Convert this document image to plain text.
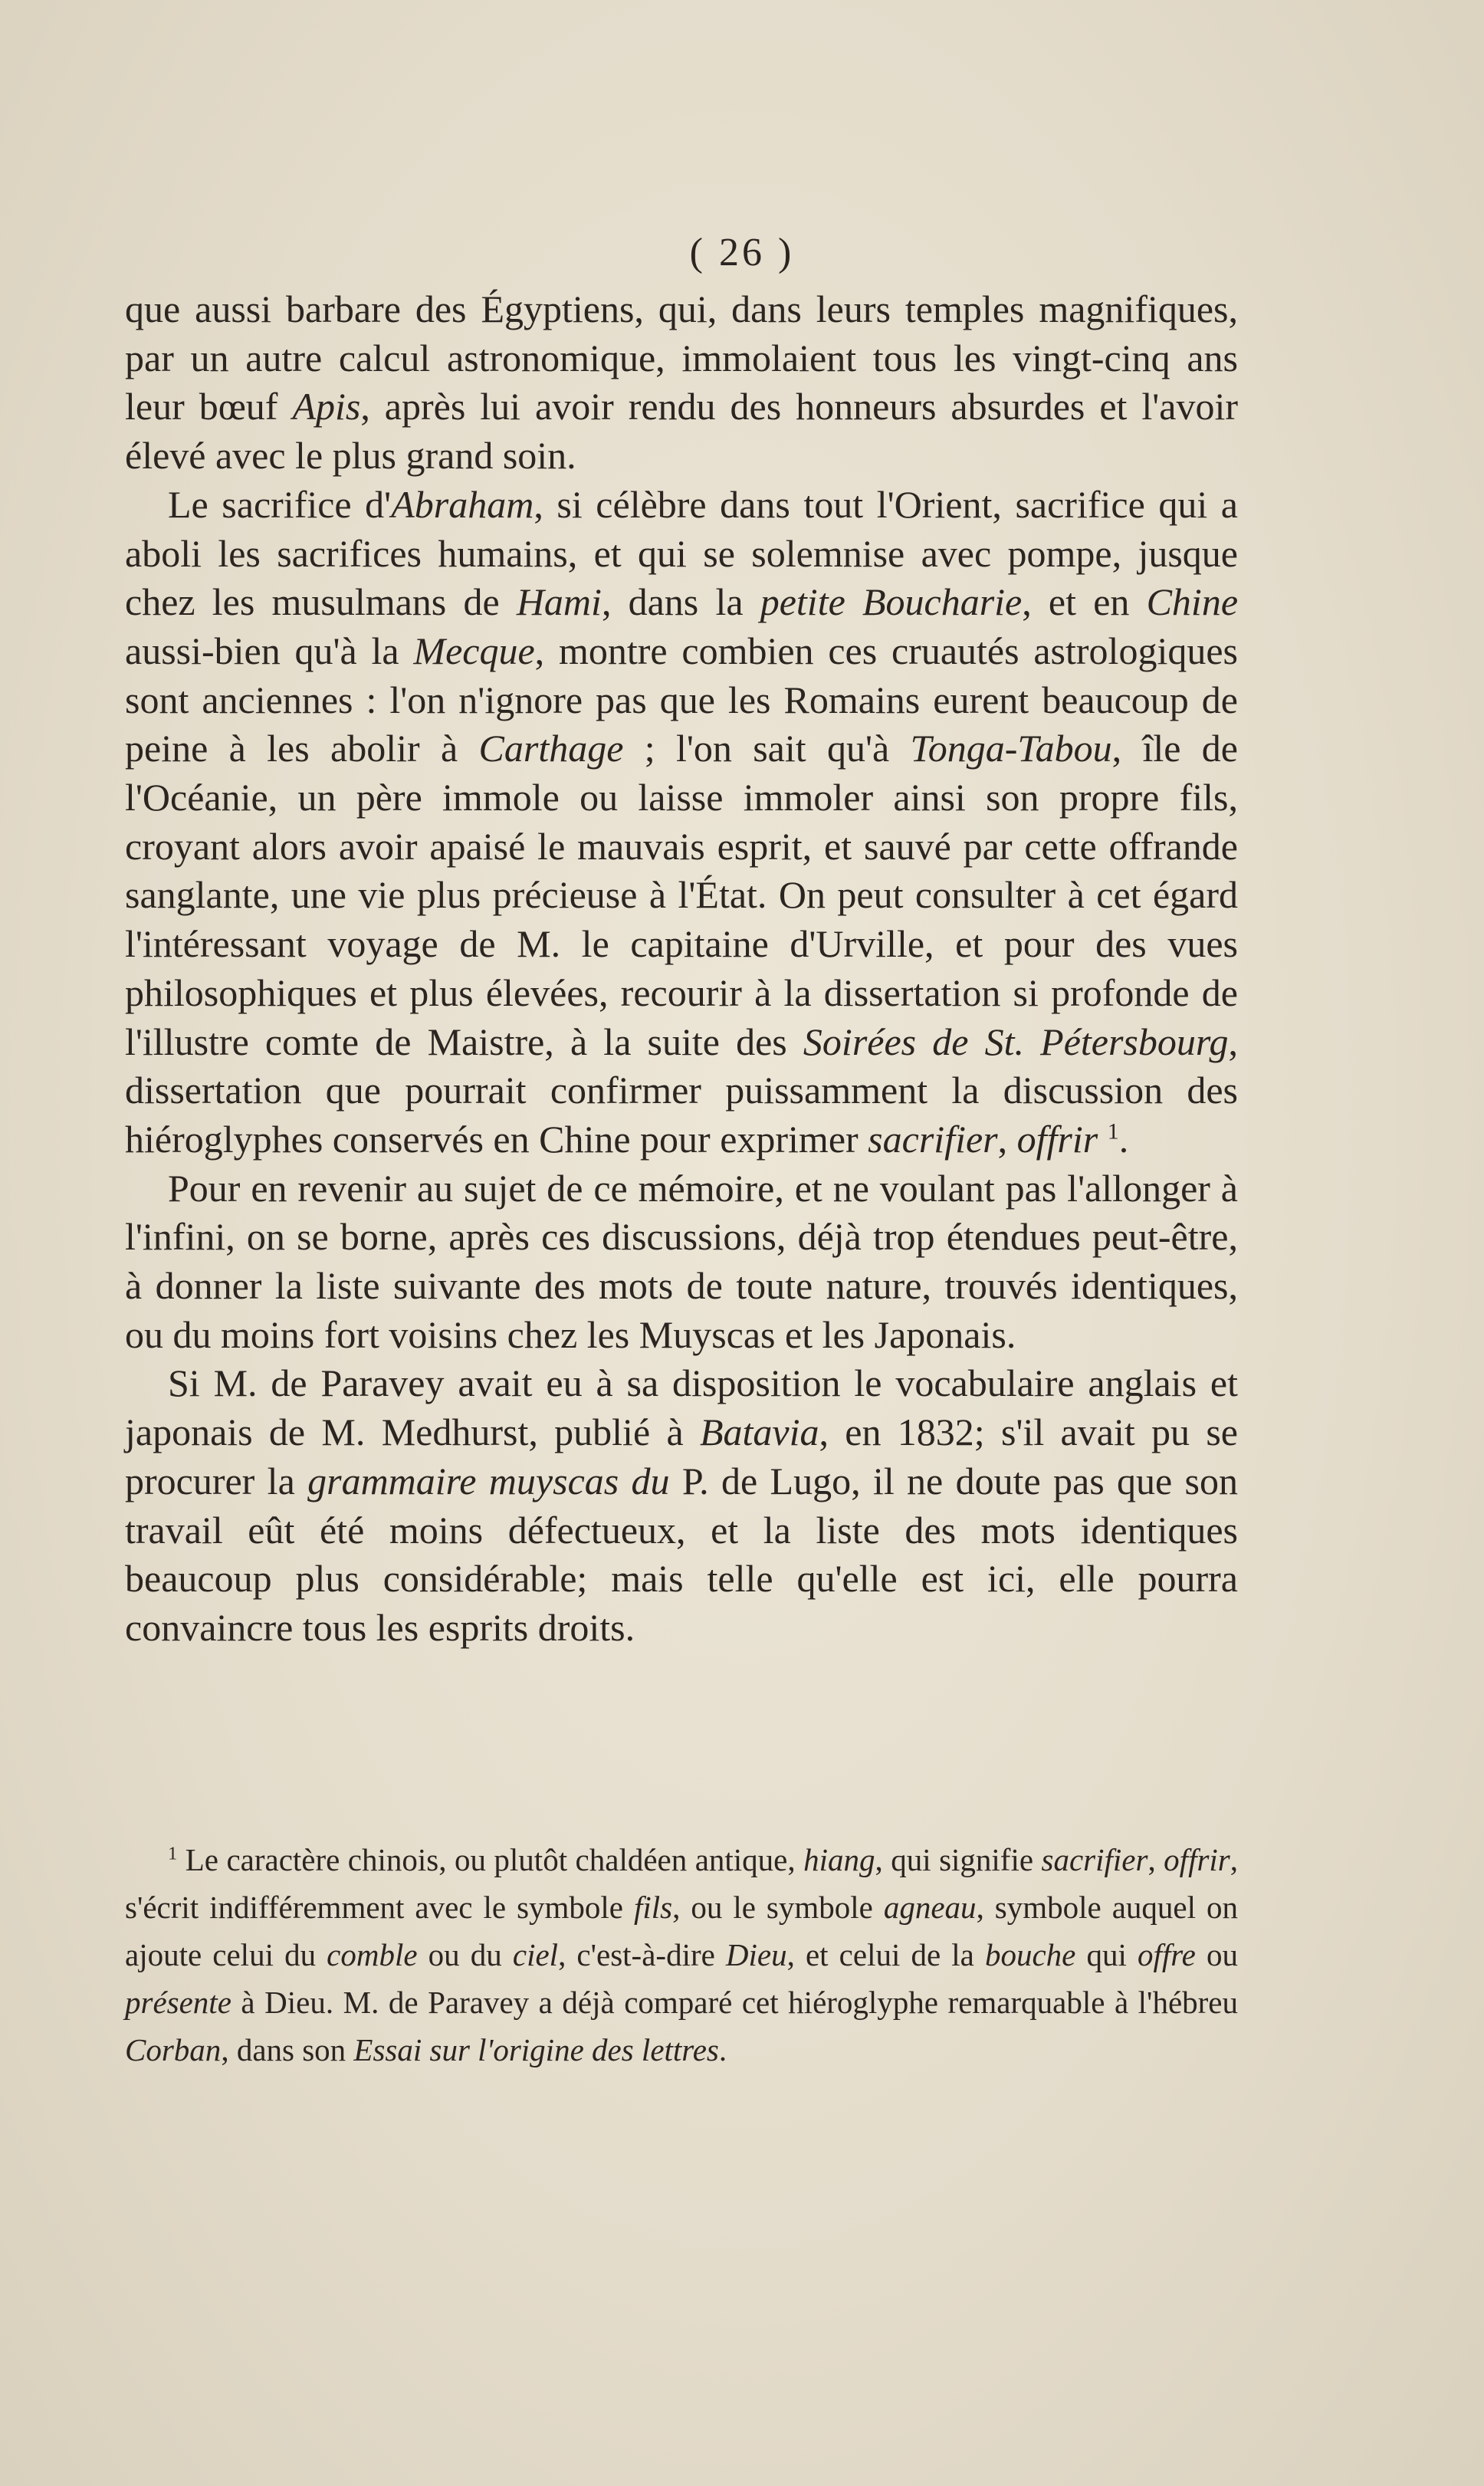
( 26 )

que aussi barbare des Égyptiens, qui, dans leurs temples magnifiques, par un autre calcul astronomique, immolaient tous les vingt-cinq ans leur bœuf Apis, après lui avoir rendu des honneurs absurdes et l'avoir élevé avec le plus grand soin.

Le sacrifice d'Abraham, si célèbre dans tout l'Orient, sacrifice qui a aboli les sacrifices humains, et qui se solemnise avec pompe, jusque chez les musulmans de Hami, dans la petite Boucharie, et en Chine aussi-bien qu'à la Mecque, montre combien ces cruautés astrologiques sont anciennes : l'on n'ignore pas que les Romains eurent beaucoup de peine à les abolir à Carthage ; l'on sait qu'à Tonga-Tabou, île de l'Océanie, un père immole ou laisse immoler ainsi son propre fils, croyant alors avoir apaisé le mauvais esprit, et sauvé par cette offrande sanglante, une vie plus précieuse à l'État. On peut consulter à cet égard l'intéressant voyage de M. le capitaine d'Urville, et pour des vues philosophiques et plus élevées, recourir à la dissertation si profonde de l'illustre comte de Maistre, à la suite des Soirées de St. Pétersbourg, dissertation que pourrait confirmer puissamment la discussion des hiéroglyphes conservés en Chine pour exprimer sacrifier, offrir $^1$.

Pour en revenir au sujet de ce mémoire, et ne voulant pas l'allonger à l'infini, on se borne, après ces discussions, déjà trop étendues peut-être, à donner la liste suivante des mots de toute nature, trouvés identiques, ou du moins fort voisins chez les Muyscas et les Japonais.

Si M. de Paravey avait eu à sa disposition le vocabulaire anglais et japonais de M. Medhurst, publié à Batavia, en 1832; s'il avait pu se procurer la grammaire muyscas du P. de Lugo, il ne doute pas que son travail eût été moins défectueux, et la liste des mots identiques beaucoup plus considérable; mais telle qu'elle est ici, elle pourra convaincre tous les esprits droits.

$^1$ Le caractère chinois, ou plutôt chaldéen antique, hiang, qui signifie sacrifier, offrir, s'écrit indifféremment avec le symbole fils, ou le symbole agneau, symbole auquel on ajoute celui du comble ou du ciel, c'est-à-dire Dieu, et celui de la bouche qui offre ou présente à Dieu. M. de Paravey a déjà comparé cet hiéroglyphe remarquable à l'hébreu Corban, dans son Essai sur l'origine des lettres.
